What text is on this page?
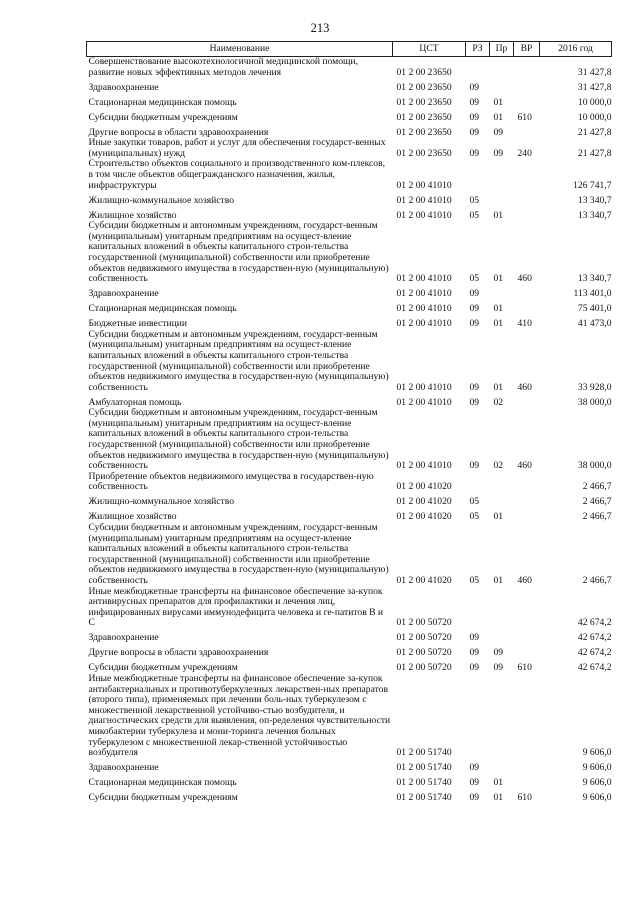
213
Наименование	ЦСТ	РЗ	Пр	ВР	2016 год
Совершенствование высокотехнологичной медицинской помощи, развитие новых эффективных методов лечения	01 2 00 23650				31 427,8
Здравоохранение	01 2 00 23650	09			31 427,8
Стационарная медицинская помощь	01 2 00 23650	09	01		10 000,0
Субсидии бюджетным учреждениям	01 2 00 23650	09	01	610	10 000,0
Другие вопросы в области здравоохранения	01 2 00 23650	09	09		21 427,8
Иные закупки товаров, работ и услуг для обеспечения государст-венных (муниципальных) нужд	01 2 00 23650	09	09	240	21 427,8
Строительство объектов социального и производственного ком-плексов, в том числе объектов общегражданского назначения, жилья, инфраструктуры	01 2 00 41010				126 741,7
Жилищно-коммунальное хозяйство	01 2 00 41010	05			13 340,7
Жилищное хозяйство	01 2 00 41010	05	01		13 340,7
Субсидии бюджетным и автономным учреждениям, государст-венным (муниципальным) унитарным предприятиям на осущест-вление капитальных вложений в объекты капитального строи-тельства государственной (муниципальной) собственности или приобретение объектов недвижимого имущества в государствен-ную (муниципальную) собственность	01 2 00 41010	05	01	460	13 340,7
Здравоохранение	01 2 00 41010	09			113 401,0
Стационарная медицинская помощь	01 2 00 41010	09	01		75 401,0
Бюджетные инвестиции	01 2 00 41010	09	01	410	41 473,0
Субсидии бюджетным и автономным учреждениям, государст-венным (муниципальным) унитарным предприятиям на осущест-вление капитальных вложений в объекты капитального строи-тельства государственной (муниципальной) собственности или приобретение объектов недвижимого имущества в государствен-ную (муниципальную) собственность	01 2 00 41010	09	01	460	33 928,0
Амбулаторная помощь	01 2 00 41010	09	02		38 000,0
Субсидии бюджетным и автономным учреждениям, государст-венным (муниципальным) унитарным предприятиям на осущест-вление капитальных вложений в объекты капитального строи-тельства государственной (муниципальной) собственности или приобретение объектов недвижимого имущества в государствен-ную (муниципальную) собственность	01 2 00 41010	09	02	460	38 000,0
Приобретение объектов недвижимого имущества в государствен-ную собственность	01 2 00 41020				2 466,7
Жилищно-коммунальное хозяйство	01 2 00 41020	05			2 466,7
Жилищное хозяйство	01 2 00 41020	05	01		2 466,7
Субсидии бюджетным и автономным учреждениям, государст-венным (муниципальным) унитарным предприятиям на осущест-вление капитальных вложений в объекты капитального строи-тельства государственной (муниципальной) собственности или приобретение объектов недвижимого имущества в государствен-ную (муниципальную) собственность	01 2 00 41020	05	01	460	2 466,7
Иные межбюджетные трансферты на финансовое обеспечение за-купок антивирусных препаратов для профилактики и лечения лиц, инфицированных вирусами иммунодефицита человека и ге-патитов В и С	01 2 00 50720				42 674,2
Здравоохранение	01 2 00 50720	09			42 674,2
Другие вопросы в области здравоохранения	01 2 00 50720	09	09		42 674,2
Субсидии бюджетным учреждениям	01 2 00 50720	09	09	610	42 674,2
Иные межбюджетные трансферты на финансовое обеспечение за-купок антибактериальных и противотуберкулезных лекарствен-ных препаратов (второго типа), применяемых при лечении боль-ных туберкулезом с множественной лекарственной устойчиво-стью возбудителя, и диагностических средств для выявления, оп-ределения чувствительности микобактерии туберкулеза и мони-торинга лечения больных туберкулезом с множественной лекар-ственной устойчивостью возбудителя	01 2 00 51740				9 606,0
Здравоохранение	01 2 00 51740	09			9 606,0
Стационарная медицинская помощь	01 2 00 51740	09	01		9 606,0
Субсидии бюджетным учреждениям	01 2 00 51740	09	01	610	9 606,0
